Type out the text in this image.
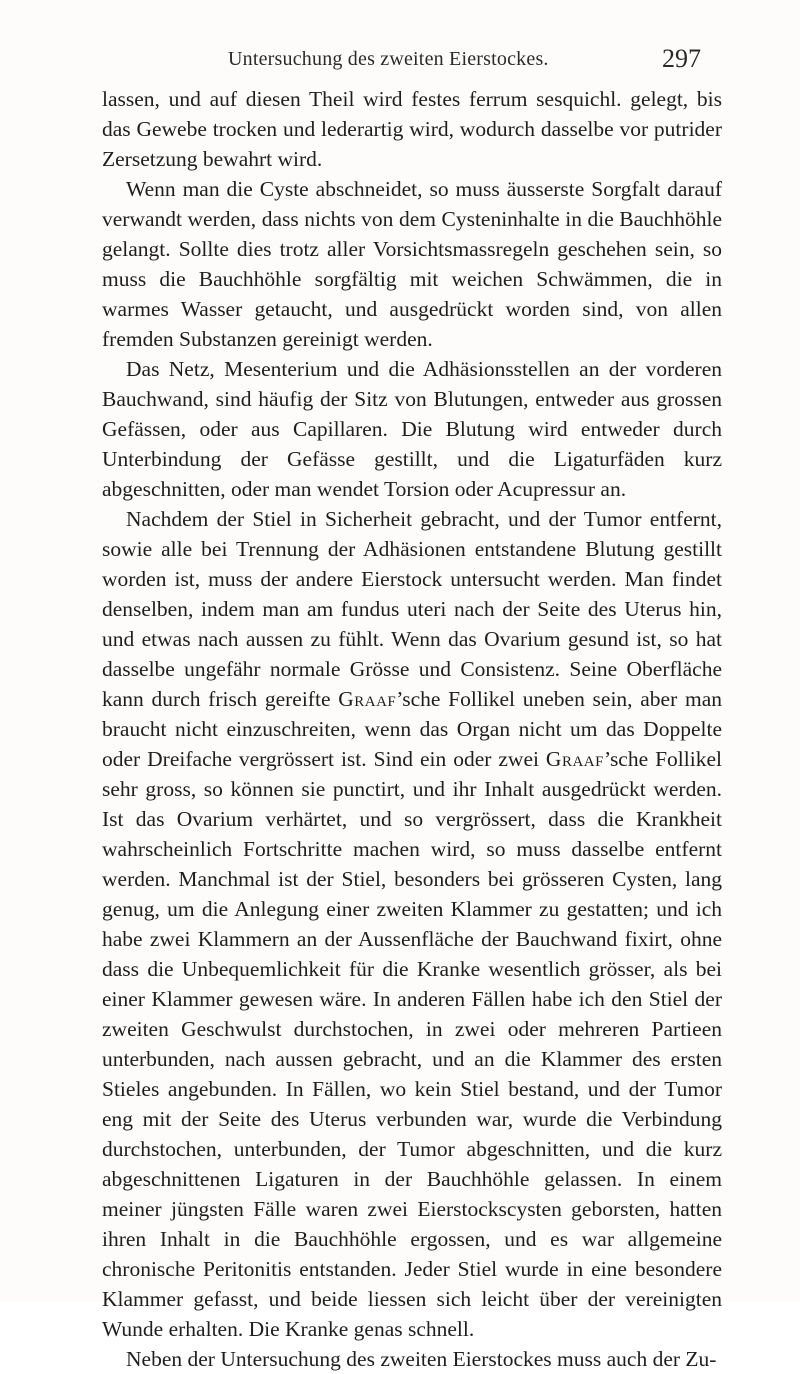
Untersuchung des zweiten Eierstockes.	297

lassen, und auf diesen Theil wird festes ferrum sesquichl. gelegt, bis das Gewebe trocken und lederartig wird, wodurch dasselbe vor putrider Zersetzung bewahrt wird.

Wenn man die Cyste abschneidet, so muss äusserste Sorgfalt darauf verwandt werden, dass nichts von dem Cysteninhalte in die Bauchhöhle gelangt. Sollte dies trotz aller Vorsichtsmassregeln geschehen sein, so muss die Bauchhöhle sorgfältig mit weichen Schwämmen, die in warmes Wasser getaucht, und ausgedrückt worden sind, von allen fremden Substanzen gereinigt werden.

Das Netz, Mesenterium und die Adhäsionsstellen an der vorderen Bauchwand, sind häufig der Sitz von Blutungen, entweder aus grossen Gefässen, oder aus Capillaren. Die Blutung wird entweder durch Unterbindung der Gefässe gestillt, und die Ligaturfäden kurz abgeschnitten, oder man wendet Torsion oder Acupressur an.

Nachdem der Stiel in Sicherheit gebracht, und der Tumor entfernt, sowie alle bei Trennung der Adhäsionen entstandene Blutung gestillt worden ist, muss der andere Eierstock untersucht werden. Man findet denselben, indem man am fundus uteri nach der Seite des Uterus hin, und etwas nach aussen zu fühlt. Wenn das Ovarium gesund ist, so hat dasselbe ungefähr normale Grösse und Consistenz. Seine Oberfläche kann durch frisch gereifte Graaf’sche Follikel uneben sein, aber man braucht nicht einzuschreiten, wenn das Organ nicht um das Doppelte oder Dreifache vergrössert ist. Sind ein oder zwei Graaf’sche Follikel sehr gross, so können sie punctirt, und ihr Inhalt ausgedrückt werden. Ist das Ovarium verhärtet, und so vergrössert, dass die Krankheit wahrscheinlich Fortschritte machen wird, so muss dasselbe entfernt werden. Manchmal ist der Stiel, besonders bei grösseren Cysten, lang genug, um die Anlegung einer zweiten Klammer zu gestatten; und ich habe zwei Klammern an der Aussenfläche der Bauchwand fixirt, ohne dass die Unbequemlichkeit für die Kranke wesentlich grösser, als bei einer Klammer gewesen wäre. In anderen Fällen habe ich den Stiel der zweiten Geschwulst durchstochen, in zwei oder mehreren Partieen unterbunden, nach aussen gebracht, und an die Klammer des ersten Stieles angebunden. In Fällen, wo kein Stiel bestand, und der Tumor eng mit der Seite des Uterus verbunden war, wurde die Verbindung durchstochen, unterbunden, der Tumor abgeschnitten, und die kurz abgeschnittenen Ligaturen in der Bauchhöhle gelassen. In einem meiner jüngsten Fälle waren zwei Eierstockscysten geborsten, hatten ihren Inhalt in die Bauchhöhle ergossen, und es war allgemeine chronische Peritonitis entstanden. Jeder Stiel wurde in eine besondere Klammer gefasst, und beide liessen sich leicht über der vereinigten Wunde erhalten. Die Kranke genas schnell.

Neben der Untersuchung des zweiten Eierstockes muss auch der Zu-
